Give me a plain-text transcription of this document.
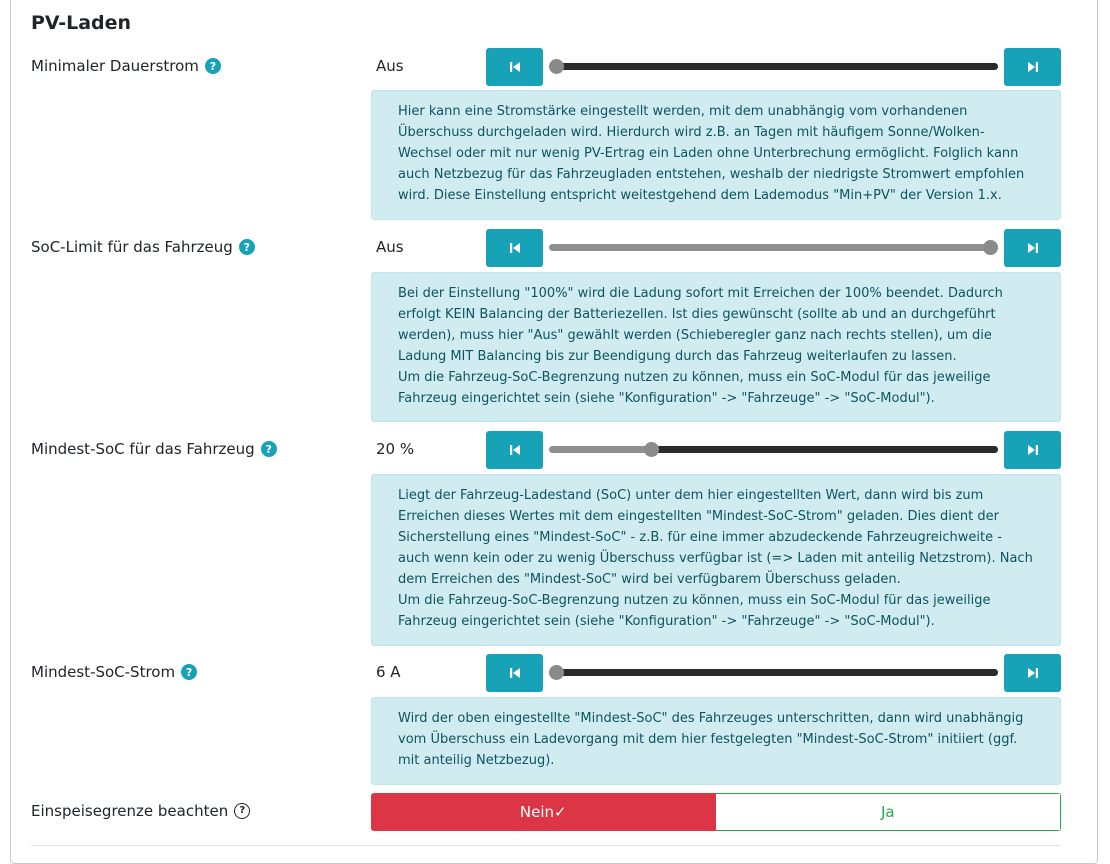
PV-Laden
Minimaler Dauerstrom ?	Aus

Hier kann eine Stromstärke eingestellt werden, mit dem unabhängig vom vorhandenen Überschuss durchgeladen wird. Hierdurch wird z.B. an Tagen mit häufigem Sonne/Wolken-Wechsel oder mit nur wenig PV-Ertrag ein Laden ohne Unterbrechung ermöglicht. Folglich kann auch Netzbezug für das Fahrzeugladen entstehen, weshalb der niedrigste Stromwert empfohlen wird. Diese Einstellung entspricht weitestgehend dem Lademodus "Min+PV" der Version 1.x.

SoC-Limit für das Fahrzeug ?	Aus

Bei der Einstellung "100%" wird die Ladung sofort mit Erreichen der 100% beendet. Dadurch erfolgt KEIN Balancing der Batteriezellen. Ist dies gewünscht (sollte ab und an durchgeführt werden), muss hier "Aus" gewählt werden (Schieberegler ganz nach rechts stellen), um die Ladung MIT Balancing bis zur Beendigung durch das Fahrzeug weiterlaufen zu lassen.

Um die Fahrzeug-SoC-Begrenzung nutzen zu können, muss ein SoC-Modul für das jeweilige Fahrzeug eingerichtet sein (siehe "Konfiguration" -> "Fahrzeuge" -> "SoC-Modul").

Mindest-SoC für das Fahrzeug ?	20 %

Liegt der Fahrzeug-Ladestand (SoC) unter dem hier eingestellten Wert, dann wird bis zum Erreichen dieses Wertes mit dem eingestellten "Mindest-SoC-Strom" geladen. Dies dient der Sicherstellung eines "Mindest-SoC" - z.B. für eine immer abzudeckende Fahrzeugreichweite - auch wenn kein oder zu wenig Überschuss verfügbar ist (=> Laden mit anteilig Netzstrom). Nach dem Erreichen des "Mindest-SoC" wird bei verfügbarem Überschuss geladen.

Um die Fahrzeug-SoC-Begrenzung nutzen zu können, muss ein SoC-Modul für das jeweilige Fahrzeug eingerichtet sein (siehe "Konfiguration" -> "Fahrzeuge" -> "SoC-Modul").

Mindest-SoC-Strom ?	6 A

Wird der oben eingestellte "Mindest-SoC" des Fahrzeuges unterschritten, dann wird unabhängig vom Überschuss ein Ladevorgang mit dem hier festgelegten "Mindest-SoC-Strom" initiiert (ggf. mit anteilig Netzbezug).

Einspeisegrenze beachten	?	Nein ✓	Ja
